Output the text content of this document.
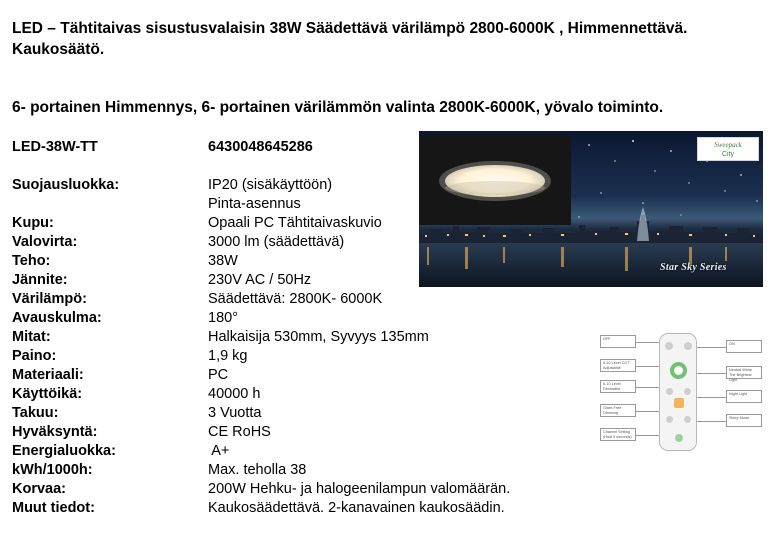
LED – Tähtitaivas sisustusvalaisin 38W Säädettävä värilämpö 2800-6000K , Himmennettävä. Kaukosäätö.
6- portainen Himmennys, 6- portainen värilämmön valinta 2800K-6000K, yövalo toiminto.
LED-38W-TT	6430048645286
Suojausluokka:	IP20 (sisäkäyttöön)
Pinta-asennus
Kupu:	Opaali PC Tähtitaivaskuvio
Valovirta:	3000 lm (säädettävä)
Teho:	38W
Jännite:	230V AC / 50Hz
Värilämpö:	Säädettävä: 2800K- 6000K
Avauskulma:	180°
Mitat:	Halkaisija 530mm, Syvyys 135mm
Paino:	1,9 kg
Materiaali:	PC
Käyttöikä:	40000 h
Takuu:	3 Vuotta
Hyväksyntä:	CE RoHS
Energialuokka:	A+
kWh/1000h:	Max. teholla 38
Korvaa:	200W Hehku- ja halogeenilampun valomäärän.
Muut tiedot:	Kaukosäädettävä. 2-kanavainen kaukosäädin.
Sweepack
City
Star Sky Series
OFF
6-10 Level CCT Adjustable
6-10 Level Dimmable
Glare-Free Dimming
Channel Setting (Hold 5 seconds)
ON
Neutral White The Brightest Light
Night Light
Sleep Mode
